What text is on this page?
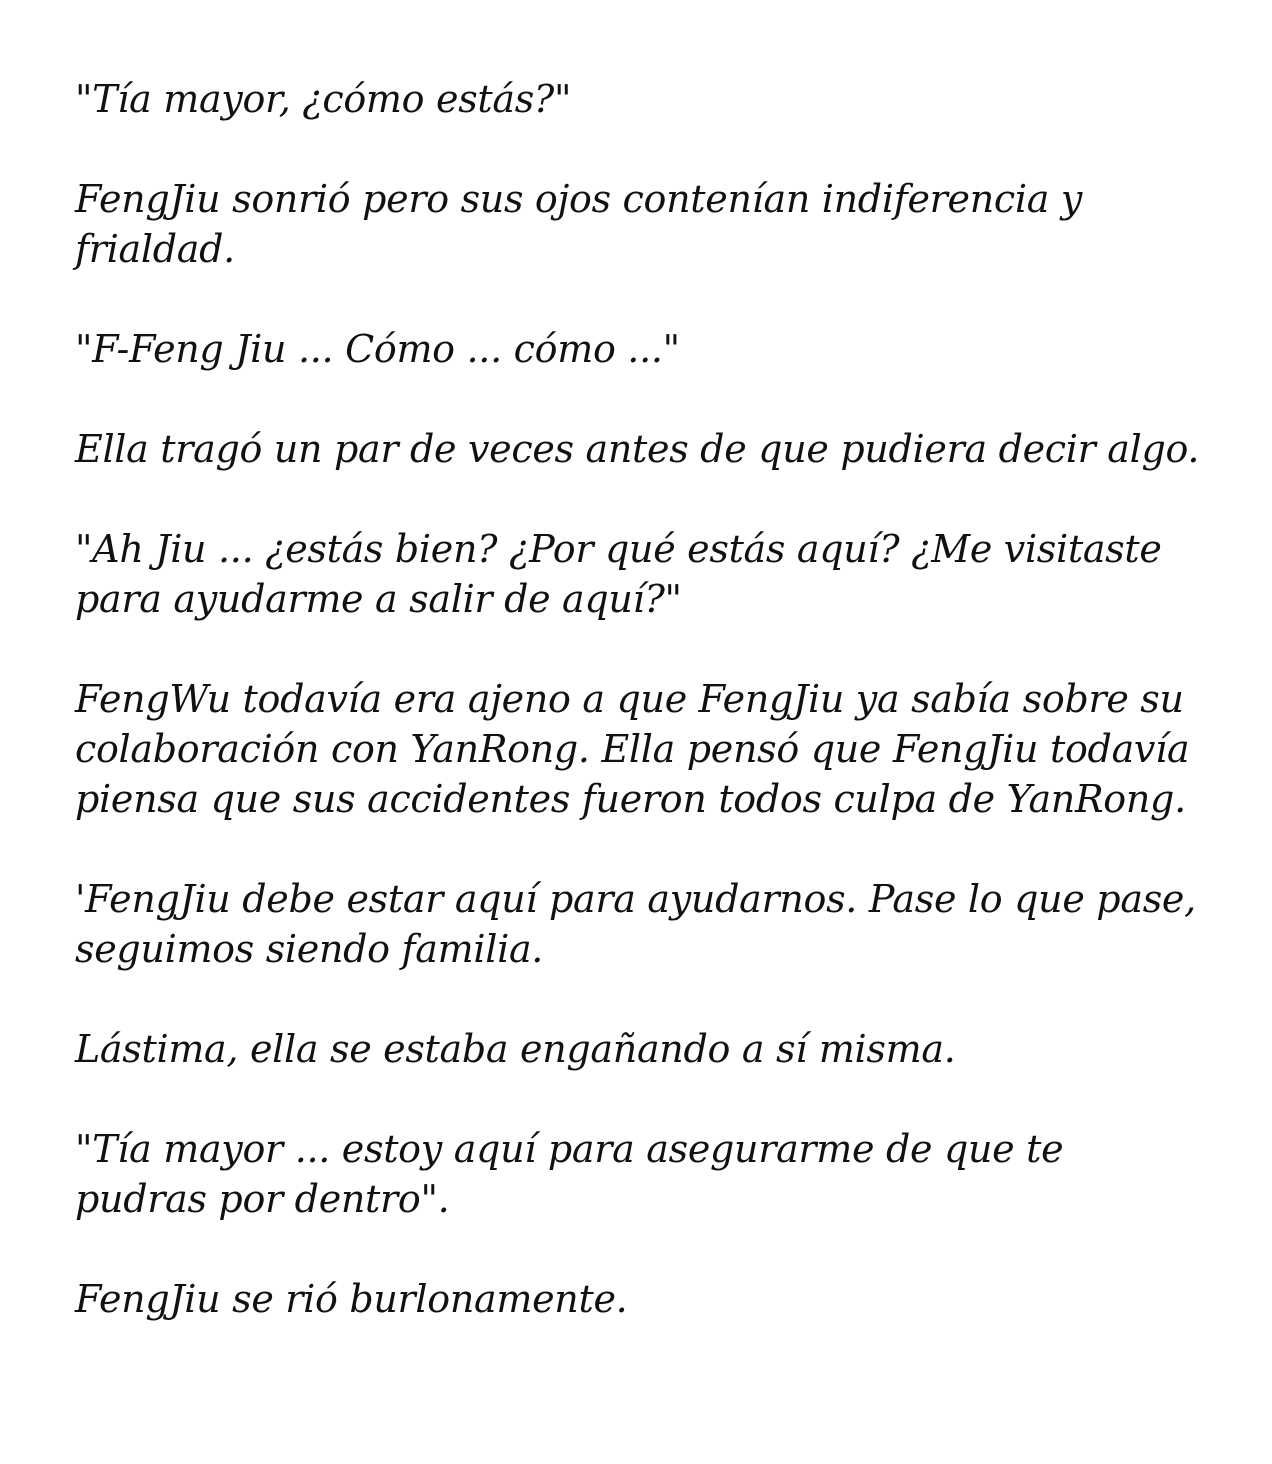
"Tía mayor, ¿cómo estás?"

FengJiu sonrió pero sus ojos contenían indiferencia y frialdad.

"F-Feng Jiu ... Cómo ... cómo ..."

Ella tragó un par de veces antes de que pudiera decir algo.

"Ah Jiu ... ¿estás bien? ¿Por qué estás aquí? ¿Me visitaste para ayudarme a salir de aquí?"

FengWu todavía era ajeno a que FengJiu ya sabía sobre su colaboración con YanRong. Ella pensó que FengJiu todavía piensa que sus accidentes fueron todos culpa de YanRong.

'FengJiu debe estar aquí para ayudarnos. Pase lo que pase, seguimos siendo familia.

Lástima, ella se estaba engañando a sí misma.

"Tía mayor ... estoy aquí para asegurarme de que te pudras por dentro".

FengJiu se rió burlonamente.
